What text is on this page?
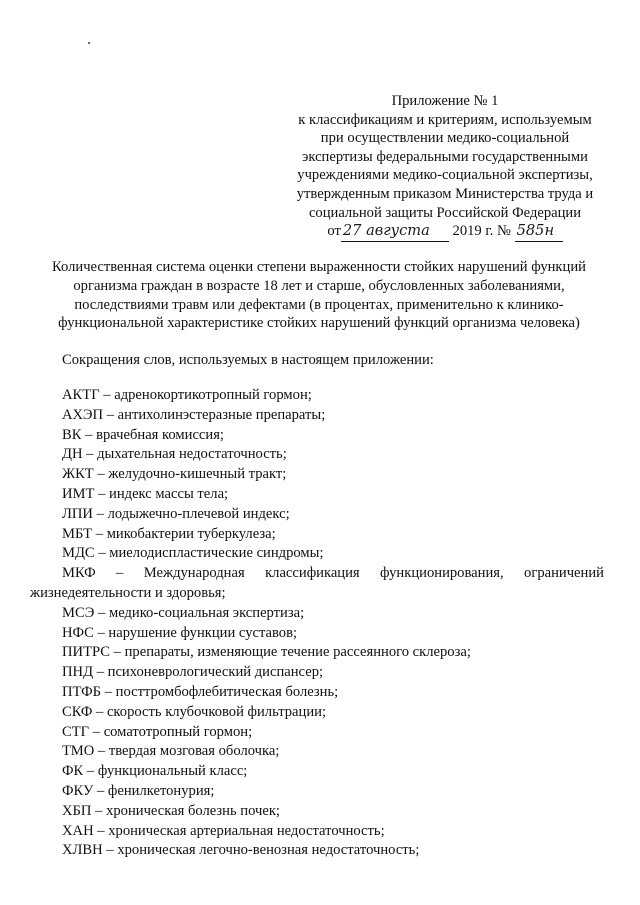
Приложение № 1
к классификациям и критериям, используемым
при осуществлении медико-социальной
экспертизы федеральными государственными
учреждениями медико-социальной экспертизы,
утвержденным приказом Министерства труда и
социальной защиты Российской Федерации
от 27 августа 2019 г. № 585н
Количественная система оценки степени выраженности стойких нарушений функций
организма граждан в возрасте 18 лет и старше, обусловленных заболеваниями,
последствиями травм или дефектами (в процентах, применительно к клинико-
функциональной характеристике стойких нарушений функций организма человека)
Сокращения слов, используемых в настоящем приложении:
АКТГ – адренокортикотропный гормон;
АХЭП – антихолинэстеразные препараты;
ВК – врачебная комиссия;
ДН – дыхательная недостаточность;
ЖКТ – желудочно-кишечный тракт;
ИМТ – индекс массы тела;
ЛПИ – лодыжечно-плечевой индекс;
МБТ – микобактерии туберкулеза;
МДС – миелодиспластические синдромы;
МКФ – Международная классификация функционирования, ограничений
жизнедеятельности и здоровья;
МСЭ – медико-социальная экспертиза;
НФС – нарушение функции суставов;
ПИТРС – препараты, изменяющие течение рассеянного склероза;
ПНД – психоневрологический диспансер;
ПТФБ – посттромбофлебитическая болезнь;
СКФ – скорость клубочковой фильтрации;
СТГ – соматотропный гормон;
ТМО – твердая мозговая оболочка;
ФК – функциональный класс;
ФКУ – фенилкетонурия;
ХБП – хроническая болезнь почек;
ХАН – хроническая артериальная недостаточность;
ХЛВН – хроническая легочно-венозная недостаточность;
